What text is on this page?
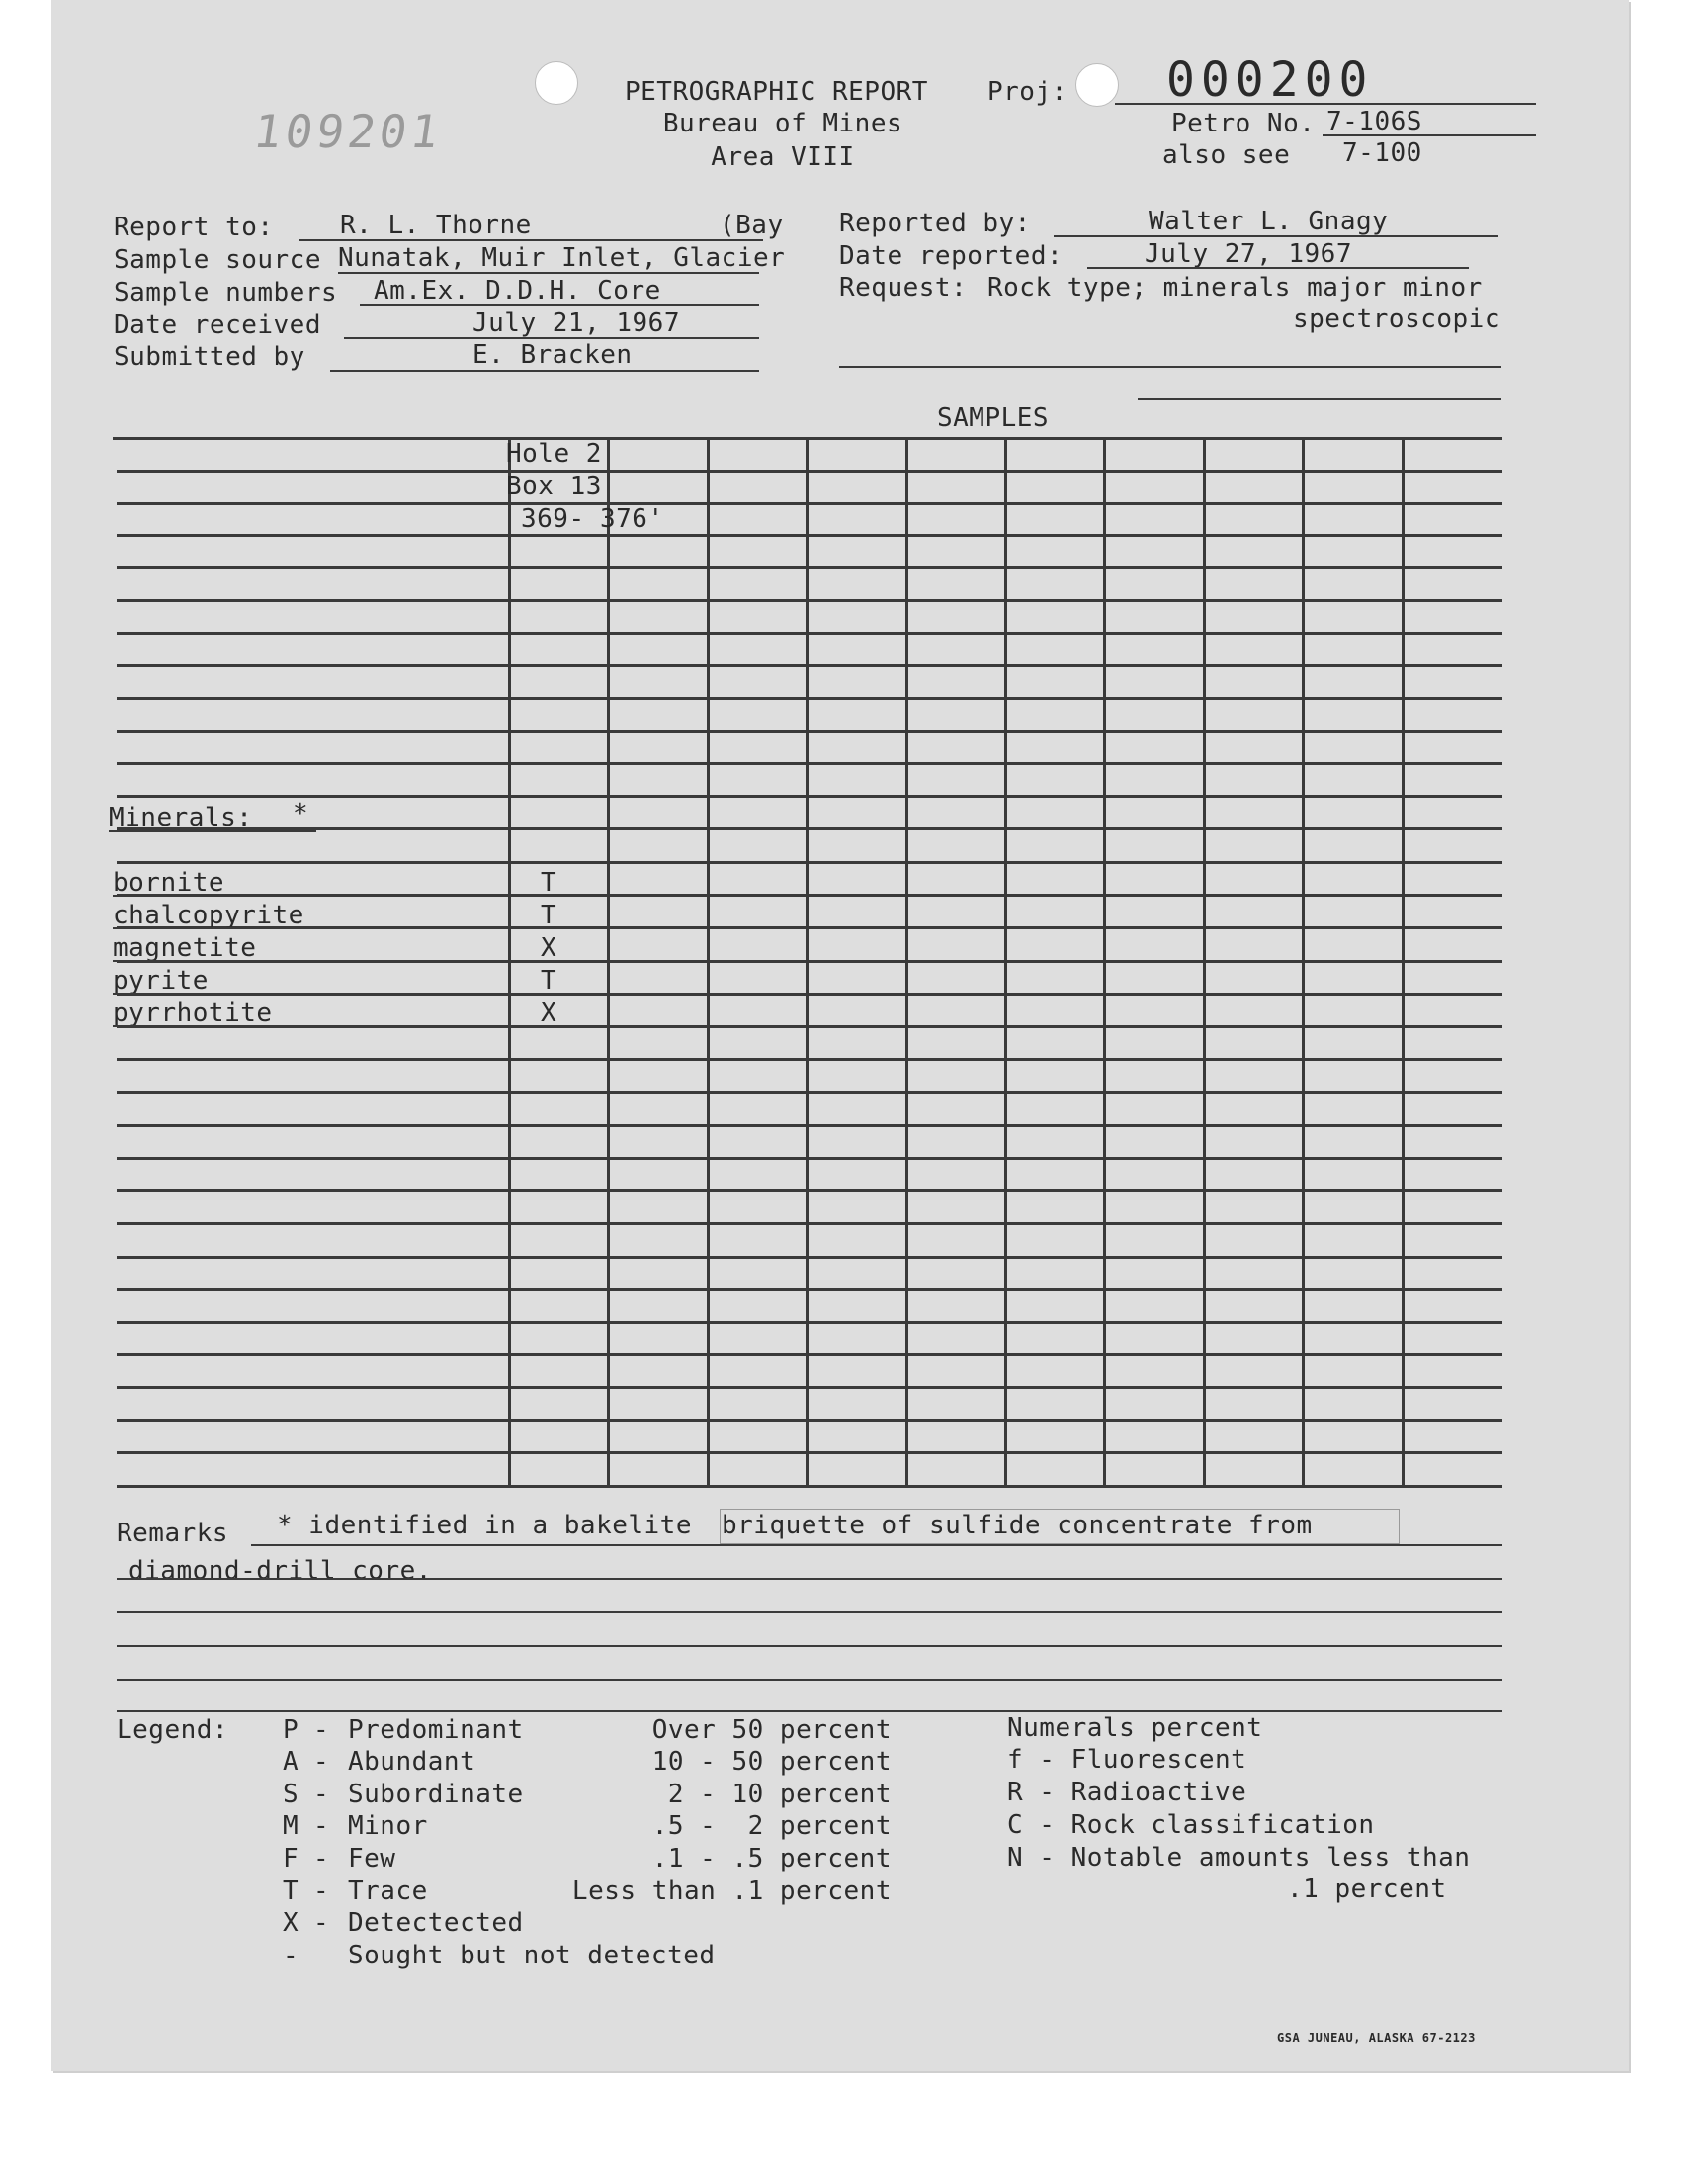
109201
PETROGRAPHIC REPORT
Bureau of Mines
Area VIII
Proj: 000200
Petro No. 7-106S
also see 7-100
Report to:	R. L. Thorne	(Bay
Sample source Nunatak, Muir Inlet, Glacier
Sample numbers Am.Ex. D.D.H. Core
Date received	July 21, 1967
Submitted by	E. Bracken
Reported by:	Walter L. Gnagy
Date reported:	July 27, 1967
Request: Rock type; minerals major minor
spectroscopic
SAMPLES
Hole 2
Box 13
369- 376'
Minerals: *
bornite	T
chalcopyrite	T
magnetite	X
pyrite	T
pyrrhotite	X
Remarks * identified in a bakelite briquette of sulfide concentrate from
diamond-drill core.
Legend: P - Predominant	Over 50 percent
A - Abundant	10 - 50 percent
S - Subordinate	2 - 10 percent
M - Minor	.5 -  2 percent
F - Few	.1 - .5 percent
T - Trace	Less than .1 percent
X - Detectected
- Sought but not detected
Numerals percent
f - Fluorescent
R - Radioactive
C - Rock classification
N - Notable amounts less than
.1 percent
GSA JUNEAU, ALASKA 67-2123
